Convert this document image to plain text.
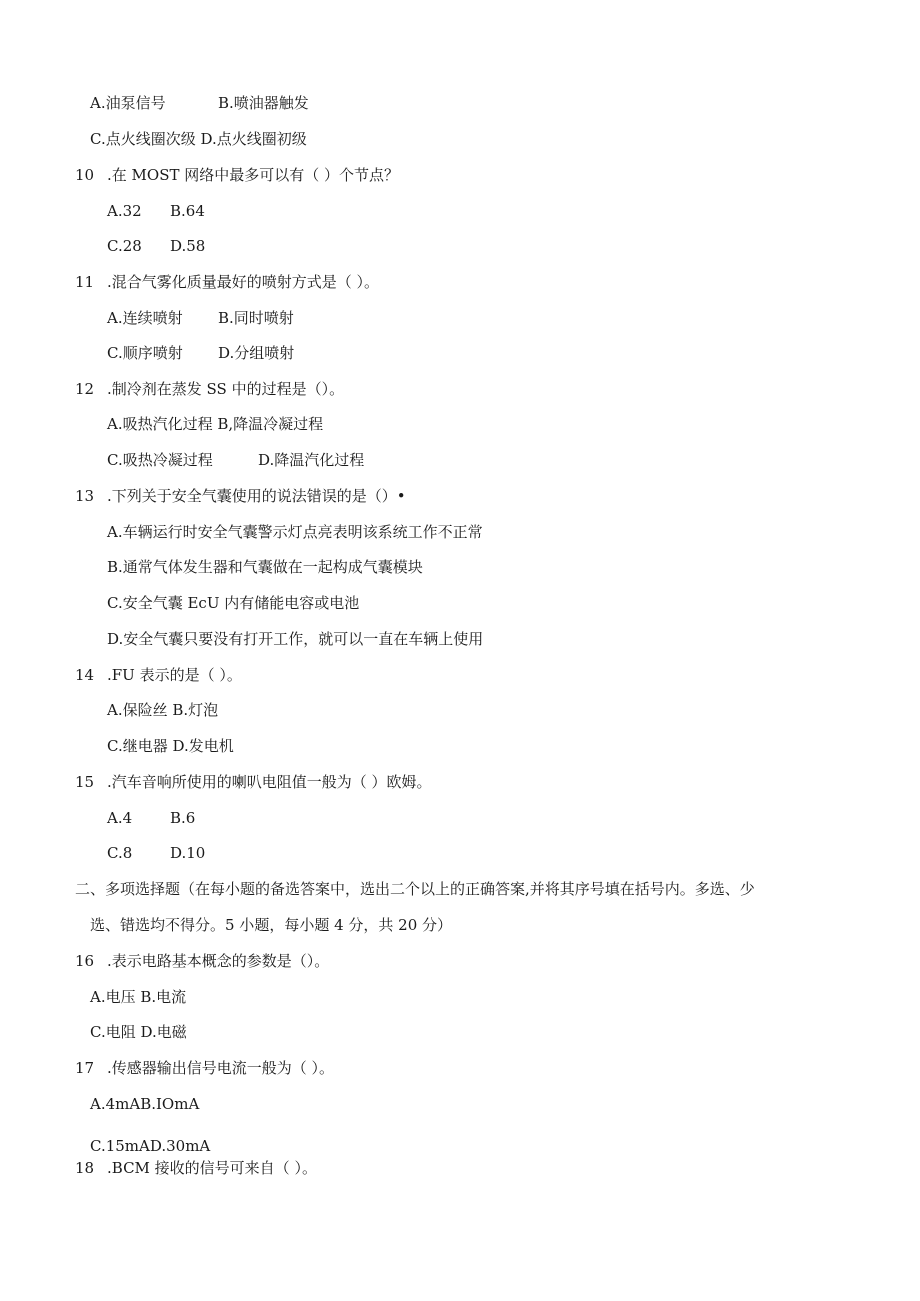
A.油泵信号	B.喷油器触发
C.点火线圈次级 D.点火线圈初级
10 .在 MOST 网络中最多可以有（ ）个节点？
A.32 B.64
C.28 D.58
11 .混合气雾化质量最好的喷射方式是（ ）。
A.连续喷射 B.同时喷射
C.顺序喷射 D.分组喷射
12 .制冷剂在蒸发 SS 中的过程是（）。
A.吸热汽化过程 B,降温冷凝过程
C.吸热冷凝过程	D.降温汽化过程
13 .下列关于安全气囊使用的说法错误的是（）•
A.车辆运行时安全气囊警示灯点亮表明该系统工作不正常
B.通常气体发生器和气囊做在一起构成气囊模块
C.安全气囊 EcU 内有储能电容或电池
D.安全气囊只要没有打开工作，就可以一直在车辆上使用
14 .FU 表示的是（ ）。
A.保险丝 B.灯泡
C.继电器 D.发电机
15 .汽车音响所使用的喇叭电阻值一般为（ ）欧姆。
A.4	B.6
C.8	D.10
二、多项选择题（在每小题的备选答案中，选出二个以上的正确答案,并将其序号填在括号内。多选、少
选、错选均不得分。5 小题，每小题 4 分，共 20 分）
16 .表示电路基本概念的参数是（）。
A.电压 B.电流
C.电阻 D.电磁
17 .传感器输出信号电流一般为（ ）。
A.4mAB.IOmA
C.15mAD.30mA
18 .BCM 接收的信号可来自（ ）。
